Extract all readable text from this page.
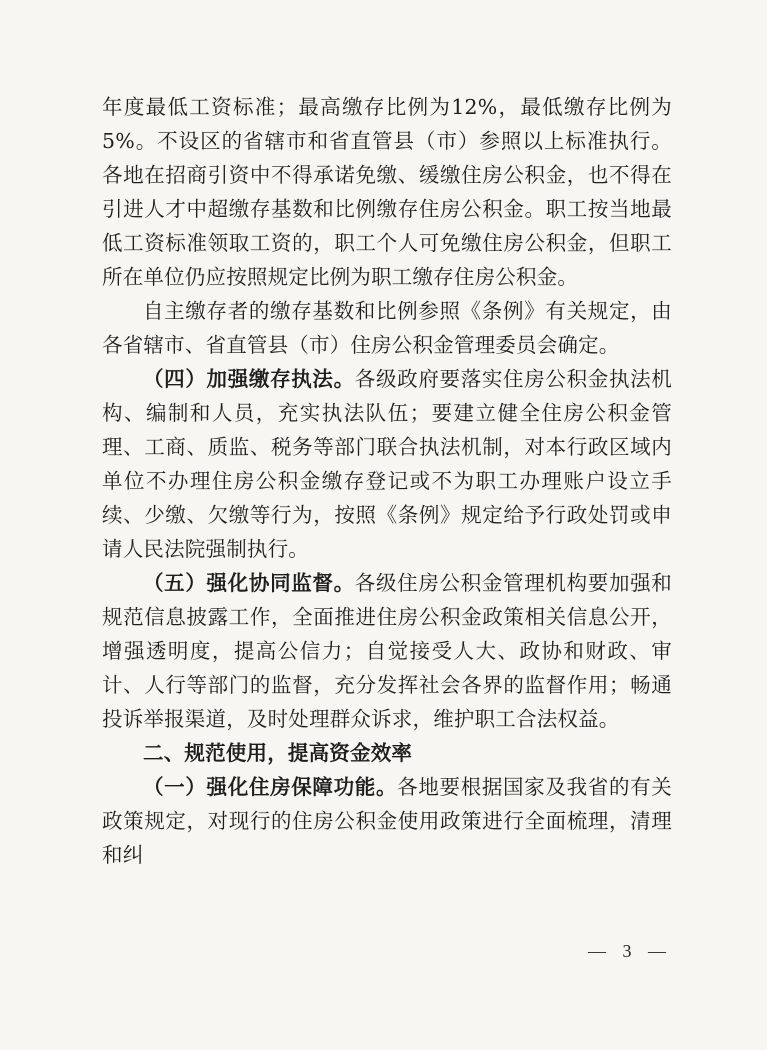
年度最低工资标准；最高缴存比例为12%，最低缴存比例为5%。不设区的省辖市和省直管县（市）参照以上标准执行。各地在招商引资中不得承诺免缴、缓缴住房公积金，也不得在引进人才中超缴存基数和比例缴存住房公积金。职工按当地最低工资标准领取工资的，职工个人可免缴住房公积金，但职工所在单位仍应按照规定比例为职工缴存住房公积金。

自主缴存者的缴存基数和比例参照《条例》有关规定，由各省辖市、省直管县（市）住房公积金管理委员会确定。

（四）加强缴存执法。各级政府要落实住房公积金执法机构、编制和人员，充实执法队伍；要建立健全住房公积金管理、工商、质监、税务等部门联合执法机制，对本行政区域内单位不办理住房公积金缴存登记或不为职工办理账户设立手续、少缴、欠缴等行为，按照《条例》规定给予行政处罚或申请人民法院强制执行。

（五）强化协同监督。各级住房公积金管理机构要加强和规范信息披露工作，全面推进住房公积金政策相关信息公开，增强透明度，提高公信力；自觉接受人大、政协和财政、审计、人行等部门的监督，充分发挥社会各界的监督作用；畅通投诉举报渠道，及时处理群众诉求，维护职工合法权益。

二、规范使用，提高资金效率

（一）强化住房保障功能。各地要根据国家及我省的有关政策规定，对现行的住房公积金使用政策进行全面梳理，清理和纠

— 3 —
